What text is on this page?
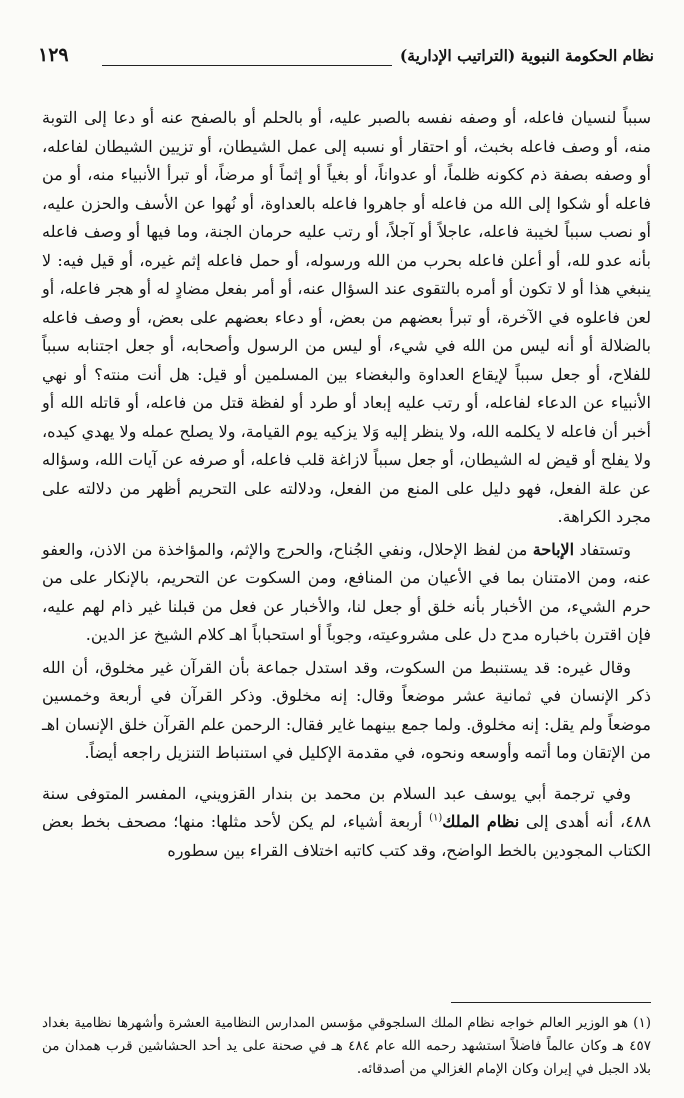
نظام الحكومة النبوية (التراتيب الإدارية)
١٢٩

سبباً لنسيان فاعله، أو وصفه نفسه بالصبر عليه، أو بالحلم أو بالصفح عنه أو دعا إلى التوبة منه، أو وصف فاعله بخبث، أو احتقار أو نسبه إلى عمل الشيطان، أو تزيين الشيطان لفاعله، أو وصفه بصفة ذم ككونه ظلماً، أو عدواناً، أو بغياً أو إثماً أو مرضاً، أو تبرأ الأنبياء منه، أو من فاعله أو شكوا إلى الله من فاعله أو جاهروا فاعله بالعداوة، أو نُهوا عن الأسف والحزن عليه، أو نصب سبباً لخيبة فاعله، عاجلاً أو آجلاً، أو رتب عليه حرمان الجنة، وما فيها أو وصف فاعله بأنه عدو لله، أو أعلن فاعله بحرب من الله ورسوله، أو حمل فاعله إثم غيره، أو قيل فيه: لا ينبغي هذا أو لا تكون أو أمره بالتقوى عند السؤال عنه، أو أمر بفعل مضادٍ له أو هجر فاعله، أو لعن فاعلوه في الآخرة، أو تبرأ بعضهم من بعض، أو دعاء بعضهم على بعض، أو وصف فاعله بالضلالة أو أنه ليس من الله في شيء، أو ليس من الرسول وأصحابه، أو جعل اجتنابه سبباً للفلاح، أو جعل سبباً لإيقاع العداوة والبغضاء بين المسلمين أو قيل: هل أنت منته؟ أو نهي الأنبياء عن الدعاء لفاعله، أو رتب عليه إبعاد أو طرد أو لفظة قتل من فاعله، أو قاتله الله أو أخبر أن فاعله لا يكلمه الله، ولا ينظر إليه وَلا يزكيه يوم القيامة، ولا يصلح عمله ولا يهدي كيده، ولا يفلح أو قيض له الشيطان، أو جعل سبباً لازاغة قلب فاعله، أو صرفه عن آيات الله، وسؤاله عن علة الفعل، فهو دليل على المنع من الفعل، ودلالته على التحريم أظهر من دلالته على مجرد الكراهة.

وتستفاد الإباحة من لفظ الإحلال، ونفي الجُناح، والحرج والإثم، والمؤاخذة من الاذن، والعفو عنه، ومن الامتنان بما في الأعيان من المنافع، ومن السكوت عن التحريم، بالإنكار على من حرم الشيء، من الأخبار بأنه خلق أو جعل لنا، والأخبار عن فعل من قبلنا غير ذام لهم عليه، فإن اقترن باخباره مدح دل على مشروعيته، وجوباً أو استحباباً اهـ كلام الشيخ عز الدين.

وقال غيره: قد يستنبط من السكوت، وقد استدل جماعة بأن القرآن غير مخلوق، أن الله ذكر الإنسان في ثمانية عشر موضعاً وقال: إنه مخلوق. وذكر القرآن في أربعة وخمسين موضعاً ولم يقل: إنه مخلوق. ولما جمع بينهما غاير فقال: الرحمن علم القرآن خلق الإنسان اهـ من الإتقان وما أتمه وأوسعه ونحوه، في مقدمة الإكليل في استنباط التنزيل راجعه أيضاً.

وفي ترجمة أبي يوسف عبد السلام بن محمد بن بندار القزويني، المفسر المتوفى سنة ٤٨٨، أنه أهدى إلى نظام الملك$^{(١)}$ أربعة أشياء، لم يكن لأحد مثلها: منها؛ مصحف بخط بعض الكتاب المجودين بالخط الواضح، وقد كتب كاتبه اختلاف القراء بين سطوره

(١) هو الوزير العالم خواجه نظام الملك السلجوقي مؤسس المدارس النظامية العشرة وأشهرها نظامية بغداد ٤٥٧ هـ وكان عالماً فاضلاً استشهد رحمه الله عام ٤٨٤ هـ في صحنة على يد أحد الحشاشين قرب همدان من بلاد الجبل في إيران وكان الإمام الغزالي من أصدقائه.
